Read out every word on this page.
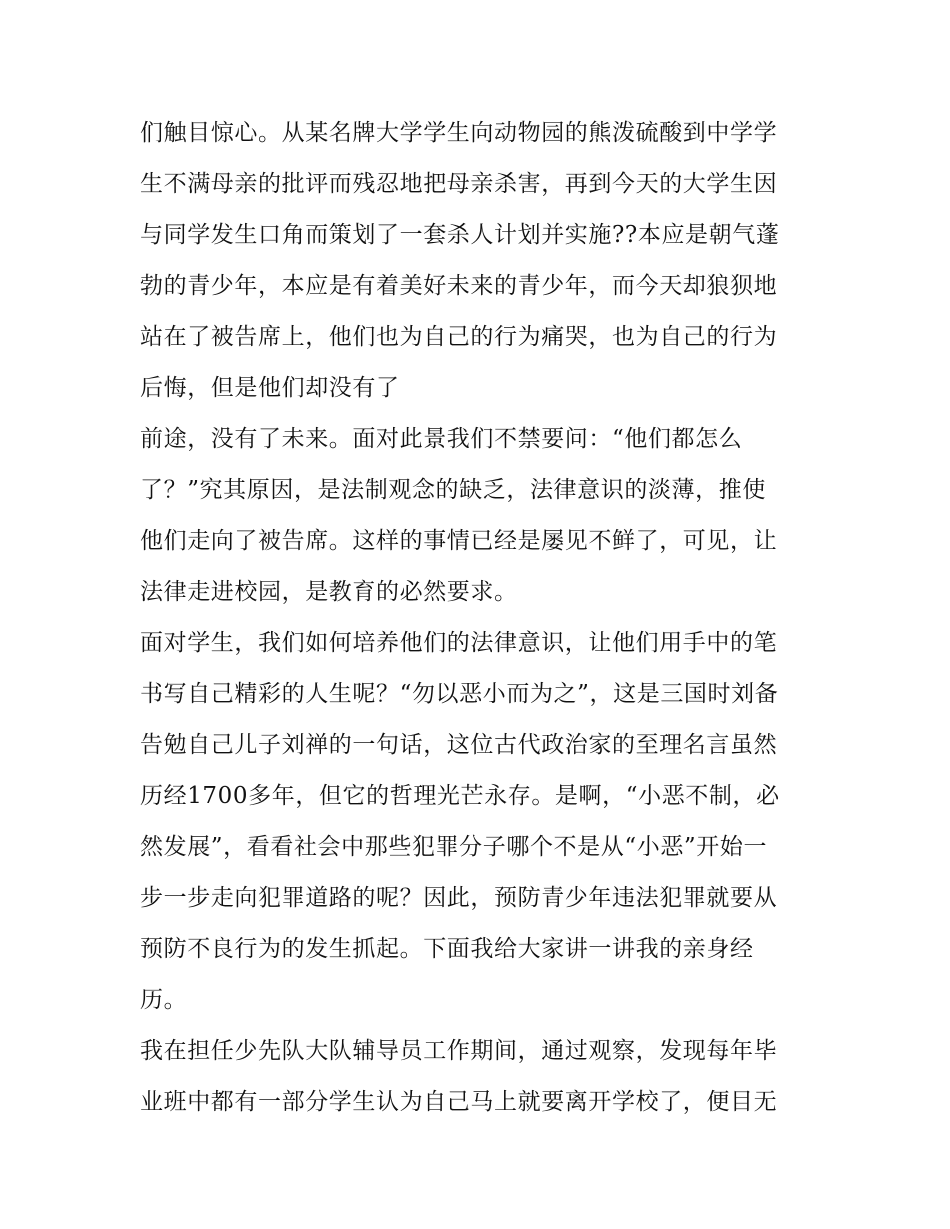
们触目惊心。从某名牌大学学生向动物园的熊泼硫酸到中学学
生不满母亲的批评而残忍地把母亲杀害，再到今天的大学生因
与同学发生口角而策划了一套杀人计划并实施??本应是朝气蓬
勃的青少年，本应是有着美好未来的青少年，而今天却狼狈地
站在了被告席上，他们也为自己的行为痛哭，也为自己的行为
后悔，但是他们却没有了
前途，没有了未来。面对此景我们不禁要问：“他们都怎么
了？”究其原因，是法制观念的缺乏，法律意识的淡薄，推使
他们走向了被告席。这样的事情已经是屡见不鲜了，可见，让
法律走进校园，是教育的必然要求。
面对学生，我们如何培养他们的法律意识，让他们用手中的笔
书写自己精彩的人生呢？“勿以恶小而为之”，这是三国时刘备
告勉自己儿子刘禅的一句话，这位古代政治家的至理名言虽然
历经1700多年，但它的哲理光芒永存。是啊，“小恶不制，必
然发展”，看看社会中那些犯罪分子哪个不是从“小恶”开始一
步一步走向犯罪道路的呢？因此，预防青少年违法犯罪就要从
预防不良行为的发生抓起。下面我给大家讲一讲我的亲身经
历。
我在担任少先队大队辅导员工作期间，通过观察，发现每年毕
业班中都有一部分学生认为自己马上就要离开学校了，便目无
